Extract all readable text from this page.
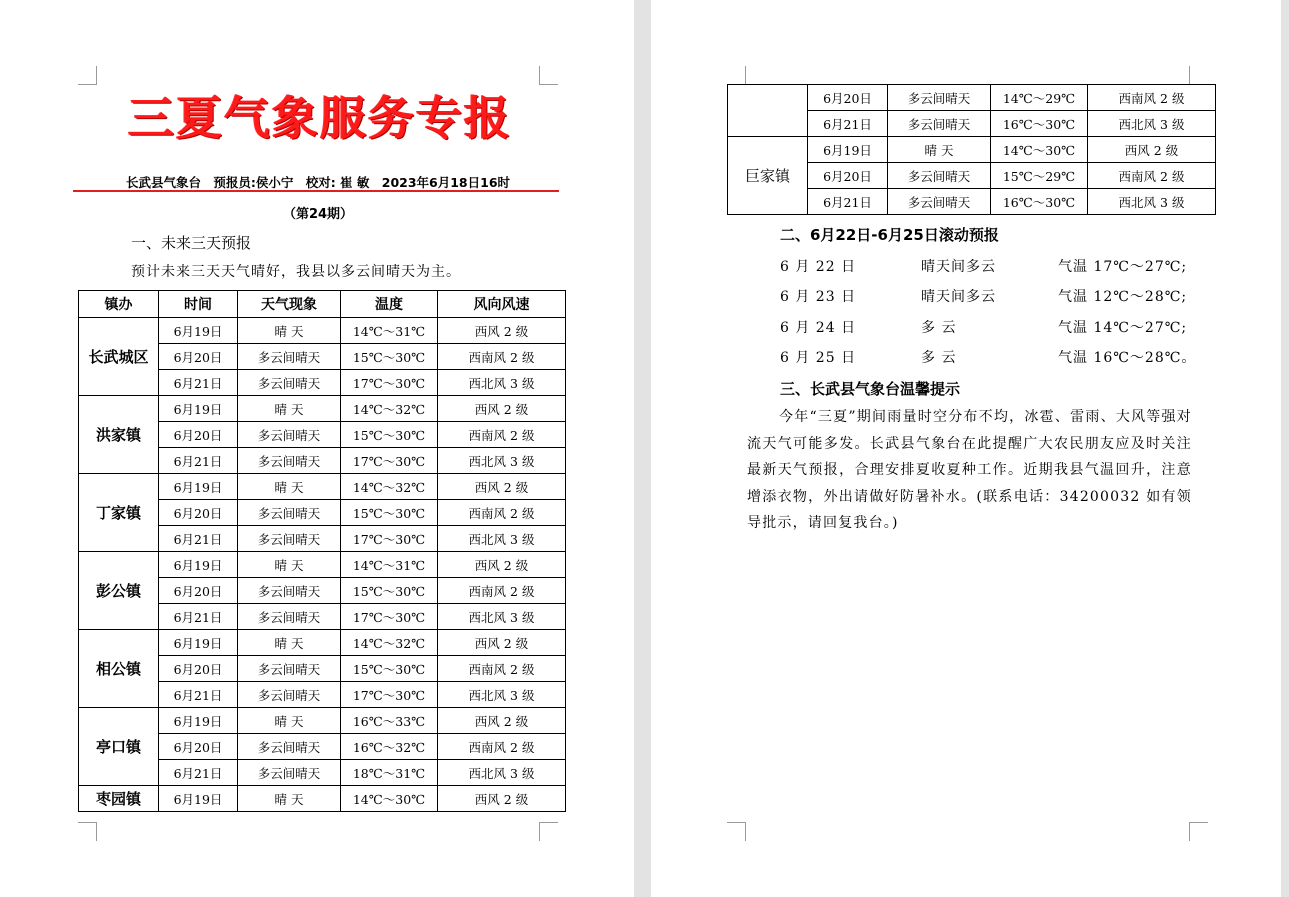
三夏气象服务专报
长武县气象台 预报员:侯小宁 校对: 崔 敏 2023年6月18日16时
（第24期）
一、未来三天预报
预计未来三天天气晴好，我县以多云间晴天为主。
镇办	时间	天气现象	温度	风向风速
长武城区	6月19日	晴 天	14℃～31℃	西风 2 级
	6月20日	多云间晴天	15℃～30℃	西南风 2 级
	6月21日	多云间晴天	17℃～30℃	西北风 3 级
洪家镇	6月19日	晴 天	14℃～32℃	西风 2 级
	6月20日	多云间晴天	15℃～30℃	西南风 2 级
	6月21日	多云间晴天	17℃～30℃	西北风 3 级
丁家镇	6月19日	晴 天	14℃～32℃	西风 2 级
	6月20日	多云间晴天	15℃～30℃	西南风 2 级
	6月21日	多云间晴天	17℃～30℃	西北风 3 级
彭公镇	6月19日	晴 天	14℃～31℃	西风 2 级
	6月20日	多云间晴天	15℃～30℃	西南风 2 级
	6月21日	多云间晴天	17℃～30℃	西北风 3 级
相公镇	6月19日	晴 天	14℃～32℃	西风 2 级
	6月20日	多云间晴天	15℃～30℃	西南风 2 级
	6月21日	多云间晴天	17℃～30℃	西北风 3 级
亭口镇	6月19日	晴 天	16℃～33℃	西风 2 级
	6月20日	多云间晴天	16℃～32℃	西南风 2 级
	6月21日	多云间晴天	18℃～31℃	西北风 3 级
枣园镇	6月19日	晴 天	14℃～30℃	西风 2 级
	6月20日	多云间晴天	14℃～29℃	西南风 2 级
	6月21日	多云间晴天	16℃～30℃	西北风 3 级
巨家镇	6月19日	晴 天	14℃～30℃	西风 2 级
	6月20日	多云间晴天	15℃～29℃	西南风 2 级
	6月21日	多云间晴天	16℃～30℃	西北风 3 级
二、6月22日-6月25日滚动预报
6 月 22 日	晴天间多云	气温 17℃～27℃;
6 月 23 日	晴天间多云	气温 12℃～28℃;
6 月 24 日	多 云	气温 14℃～27℃;
6 月 25 日	多 云	气温 16℃～28℃。
三、长武县气象台温馨提示
今年“三夏”期间雨量时空分布不均，冰雹、雷雨、大风等强对流天气可能多发。长武县气象台在此提醒广大农民朋友应及时关注最新天气预报，合理安排夏收夏种工作。近期我县气温回升，注意增添衣物，外出请做好防暑补水。(联系电话：34200032 如有领导批示，请回复我台。)
